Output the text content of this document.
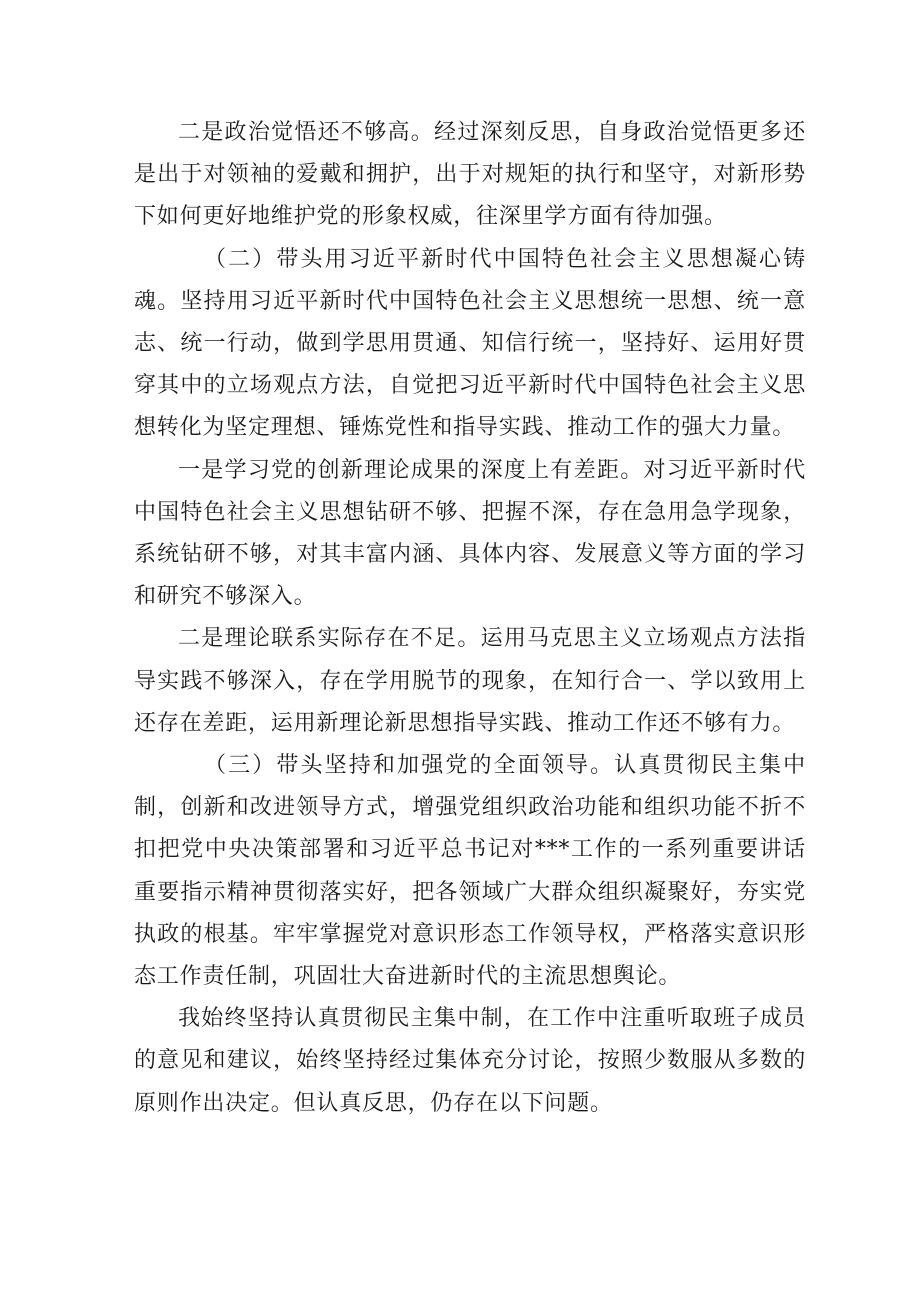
二是政治觉悟还不够高。经过深刻反思，自身政治觉悟更多还是出于对领袖的爱戴和拥护，出于对规矩的执行和坚守，对新形势下如何更好地维护党的形象权威，往深里学方面有待加强。

（二）带头用习近平新时代中国特色社会主义思想凝心铸魂。坚持用习近平新时代中国特色社会主义思想统一思想、统一意志、统一行动，做到学思用贯通、知信行统一，坚持好、运用好贯穿其中的立场观点方法，自觉把习近平新时代中国特色社会主义思想转化为坚定理想、锤炼党性和指导实践、推动工作的强大力量。

一是学习党的创新理论成果的深度上有差距。对习近平新时代中国特色社会主义思想钻研不够、把握不深，存在急用急学现象，系统钻研不够，对其丰富内涵、具体内容、发展意义等方面的学习和研究不够深入。

二是理论联系实际存在不足。运用马克思主义立场观点方法指导实践不够深入，存在学用脱节的现象，在知行合一、学以致用上还存在差距，运用新理论新思想指导实践、推动工作还不够有力。

（三）带头坚持和加强党的全面领导。认真贯彻民主集中制，创新和改进领导方式，增强党组织政治功能和组织功能不折不扣把党中央决策部署和习近平总书记对***工作的一系列重要讲话重要指示精神贯彻落实好，把各领域广大群众组织凝聚好，夯实党执政的根基。牢牢掌握党对意识形态工作领导权，严格落实意识形态工作责任制，巩固壮大奋进新时代的主流思想舆论。

我始终坚持认真贯彻民主集中制，在工作中注重听取班子成员的意见和建议，始终坚持经过集体充分讨论，按照少数服从多数的原则作出决定。但认真反思，仍存在以下问题。
